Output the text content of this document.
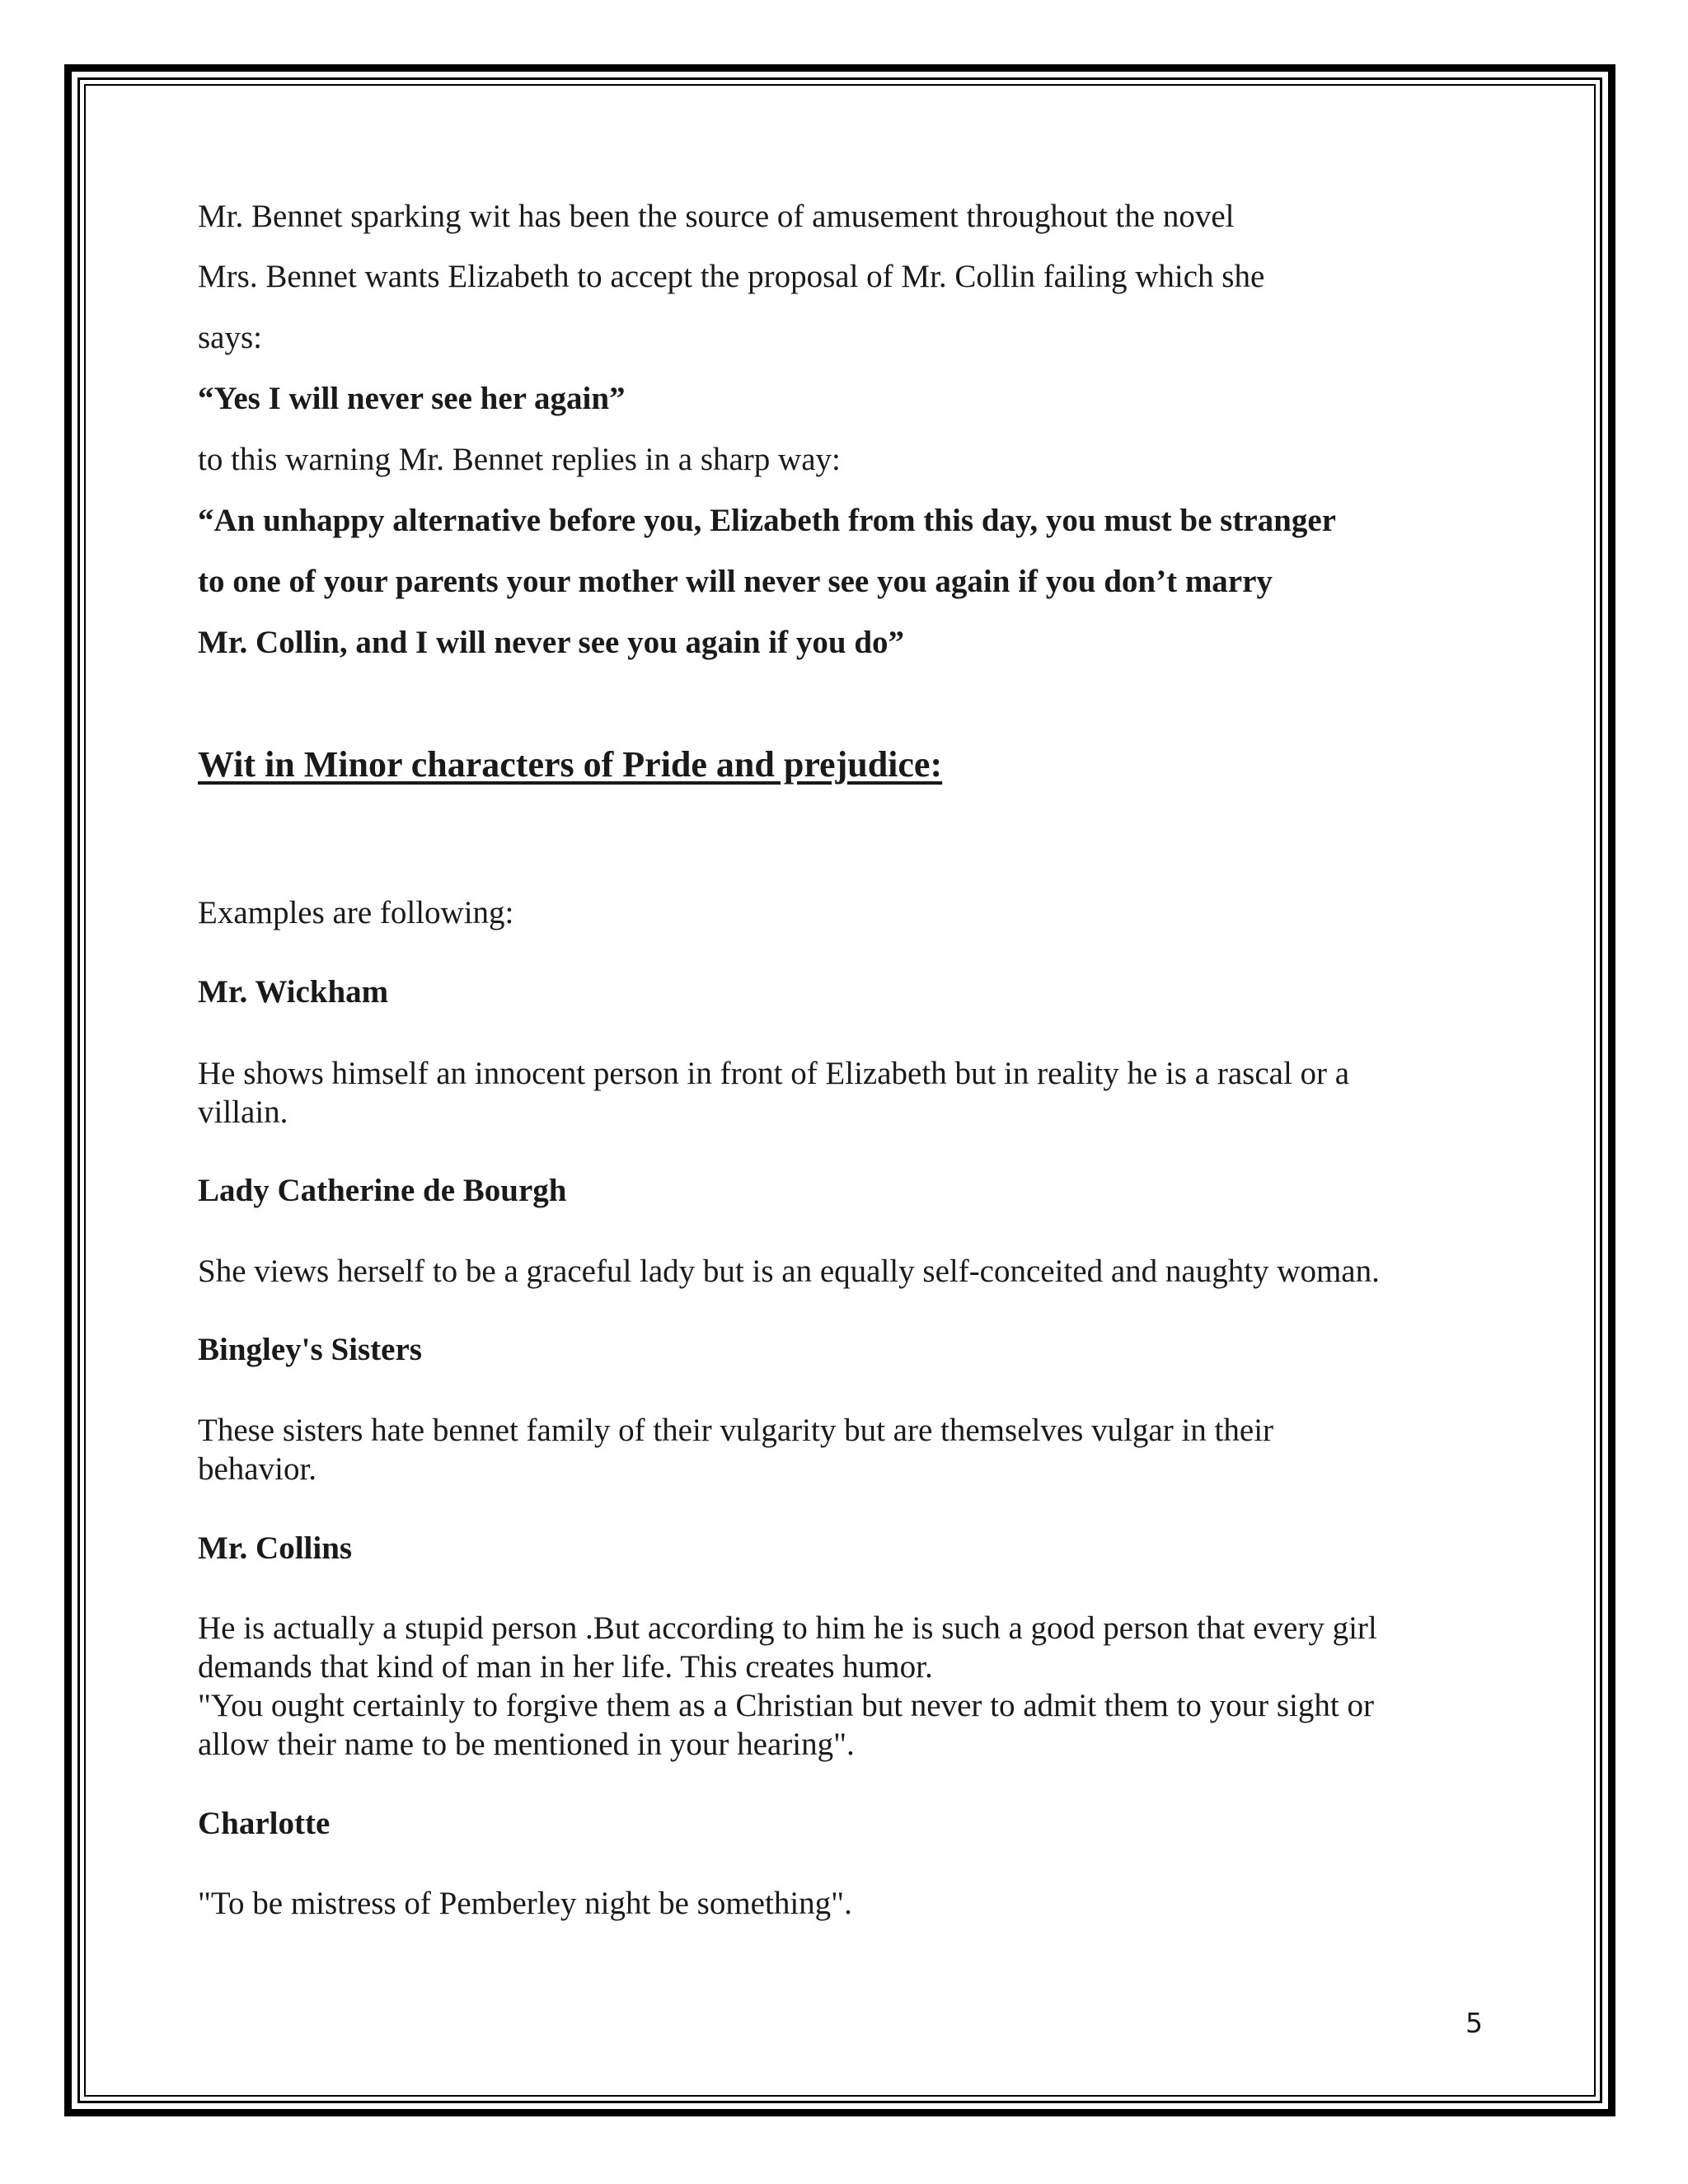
Mr. Bennet sparking wit has been the source of amusement throughout the novel
Mrs. Bennet wants Elizabeth to accept the proposal of Mr. Collin failing which she
says:
“Yes I will never see her again”
to this warning Mr. Bennet replies in a sharp way:
“An unhappy alternative before you, Elizabeth from this day, you must be stranger
to one of your parents your mother will never see you again if you don’t marry
Mr. Collin, and I will never see you again if you do”
Wit in Minor characters of Pride and prejudice:
Examples are following:
Mr. Wickham
He shows himself an innocent person in front of Elizabeth but in reality he is a rascal or a
villain.
Lady Catherine de Bourgh
She views herself to be a graceful lady but is an equally self-conceited and naughty woman.
Bingley's Sisters
These sisters hate bennet family of their vulgarity but are themselves vulgar in their
behavior.
Mr. Collins
He is actually a stupid person .But according to him he is such a good person that every girl
demands that kind of man in her life. This creates humor.
"You ought certainly to forgive them as a Christian but never to admit them to your sight or
allow their name to be mentioned in your hearing".
Charlotte
"To be mistress of Pemberley night be something".
5
